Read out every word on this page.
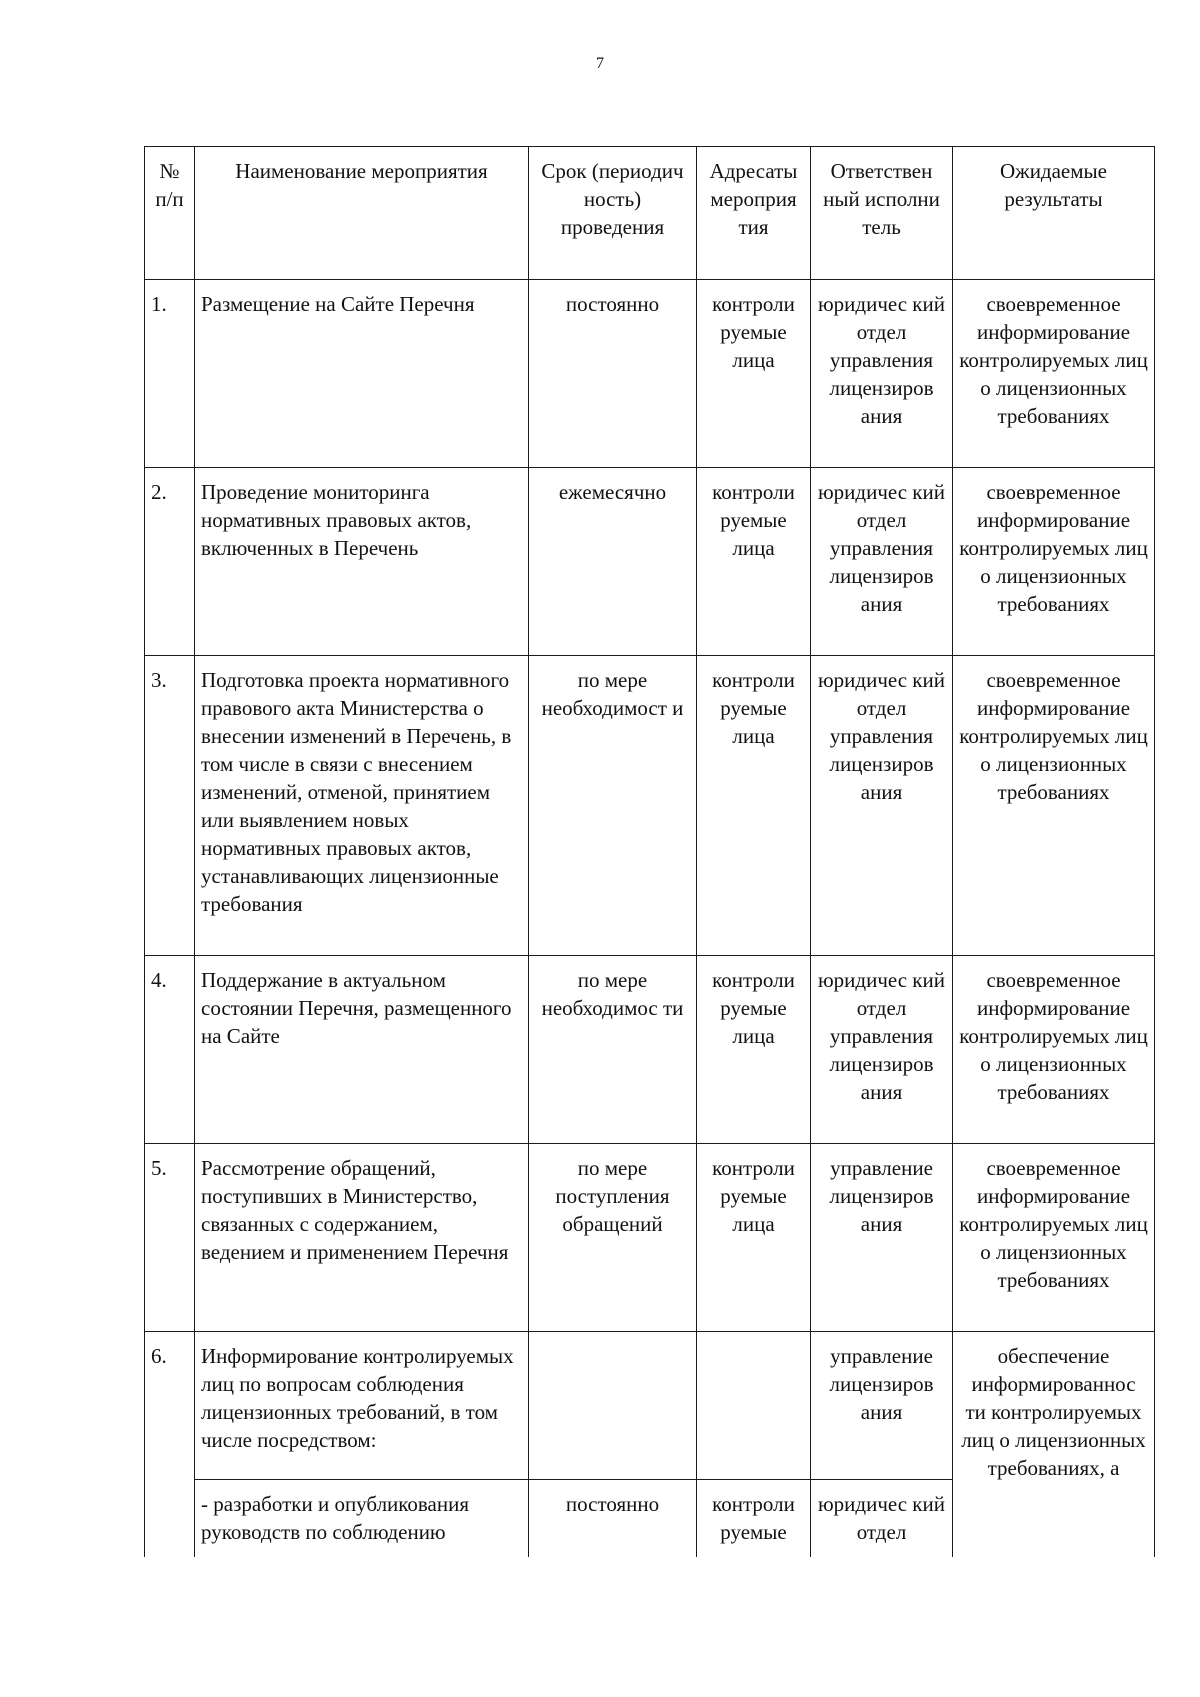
7
№ п/п	Наименование мероприятия	Срок (периодич ность) проведения	Адресаты мероприя тия	Ответствен ный исполни тель	Ожидаемые результаты
1.	Размещение на Сайте Перечня	постоянно	контроли руемые лица	юридичес кий отдел управления лицензиров ания	своевременное информирование контролируемых лиц о лицензионных требованиях
2.	Проведение мониторинга нормативных правовых актов, включенных в Перечень	ежемесячно	контроли руемые лица	юридичес кий отдел управления лицензиров ания	своевременное информирование контролируемых лиц о лицензионных требованиях
3.	Подготовка проекта нормативного правового акта Министерства о внесении изменений в Перечень, в том числе в связи с внесением изменений, отменой, принятием или выявлением новых нормативных правовых актов, устанавливающих лицензионные требования	по мере необходимост и	контроли руемые лица	юридичес кий отдел управления лицензиров ания	своевременное информирование контролируемых лиц о лицензионных требованиях
4.	Поддержание в актуальном состоянии Перечня, размещенного на Сайте	по мере необходимос ти	контроли руемые лица	юридичес кий отдел управления лицензиров ания	своевременное информирование контролируемых лиц о лицензионных требованиях
5.	Рассмотрение обращений, поступивших в Министерство, связанных с содержанием, ведением и применением Перечня	по мере поступления обращений	контроли руемые лица	управление лицензиров ания	своевременное информирование контролируемых лиц о лицензионных требованиях
6.	Информирование контролируемых лиц по вопросам соблюдения лицензионных требований, в том числе посредством:			управление лицензиров ания	обеспечение информированнос ти контролируемых лиц о лицензионных требованиях, а
	- разработки и опубликования руководств по соблюдению	постоянно	контроли руемые	юридичес кий отдел	
